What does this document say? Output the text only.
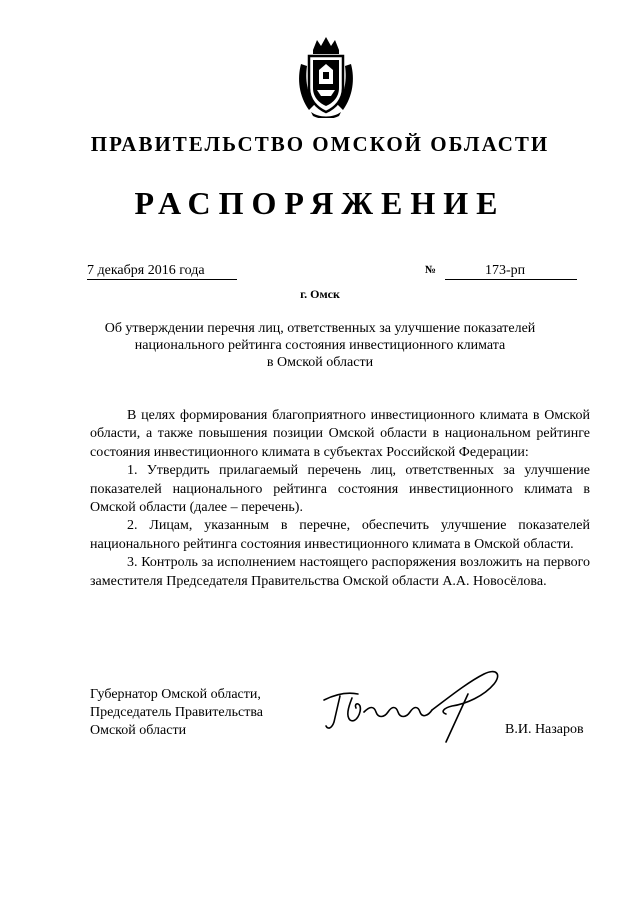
ПРАВИТЕЛЬСТВО ОМСКОЙ ОБЛАСТИ
РАСПОРЯЖЕНИЕ
7 декабря 2016 года	№	173-рп
г. Омск
Об утверждении перечня лиц, ответственных за улучшение показателей
национального рейтинга состояния инвестиционного климата
в Омской области

В целях формирования благоприятного инвестиционного климата в Омской области, а также повышения позиции Омской области в национальном рейтинге состояния инвестиционного климата в субъектах Российской Федерации:

1. Утвердить прилагаемый перечень лиц, ответственных за улучшение показателей национального рейтинга состояния инвестиционного климата в Омской области (далее – перечень).

2. Лицам, указанным в перечне, обеспечить улучшение показателей национального рейтинга состояния инвестиционного климата в Омской области.

3. Контроль за исполнением настоящего распоряжения возложить на первого заместителя Председателя Правительства Омской области А.А. Новосёлова.

Губернатор Омской области,
Председатель Правительства
Омской области	В.И. Назаров
